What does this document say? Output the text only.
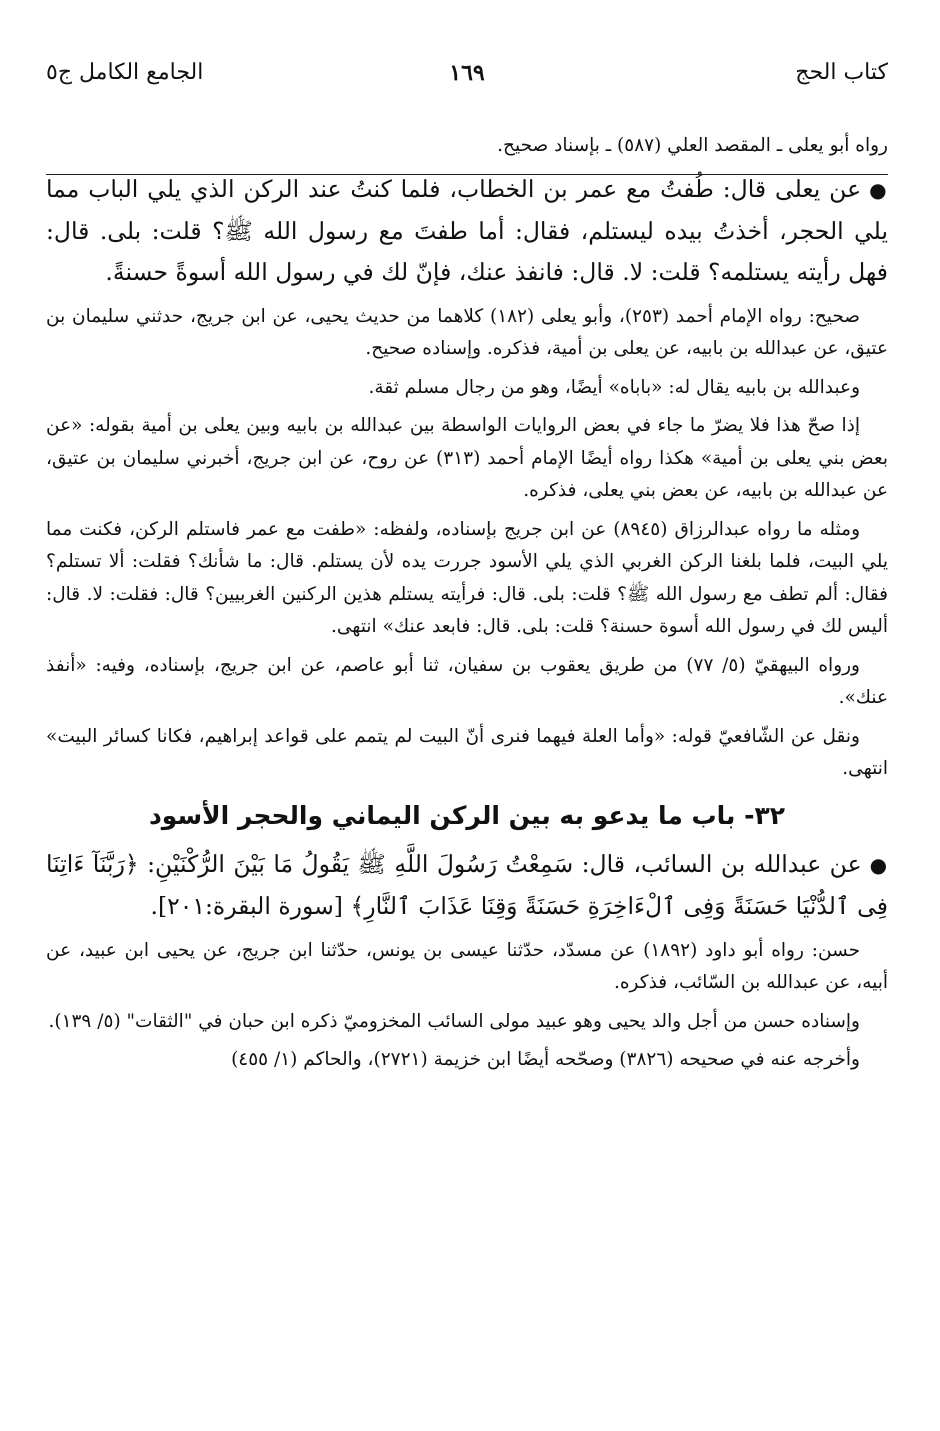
كتاب الحج
١٦٩
الجامع الكامل ج٥

رواه أبو يعلى ـ المقصد العلي (٥٨٧) ـ بإسناد صحيح.

●عن يعلى قال: طُفتُ مع عمر بن الخطاب، فلما كنتُ عند الركن الذي يلي الباب مما يلي الحجر، أخذتُ بيده ليستلم، فقال: أما طفتَ مع رسول الله ﷺ؟ قلت: بلى. قال: فهل رأيته يستلمه؟ قلت: لا. قال: فانفذ عنك، فإنّ لك في رسول الله أسوةً حسنةً.

صحيح: رواه الإمام أحمد (٢٥٣)، وأبو يعلى (١٨٢) كلاهما من حديث يحيى، عن ابن جريج، حدثني سليمان بن عتيق، عن عبدالله بن بابيه، عن يعلى بن أمية، فذكره. وإسناده صحيح.

وعبدالله بن بابيه يقال له: «باباه» أيضًا، وهو من رجال مسلم ثقة.

إذا صحّ هذا فلا يضرّ ما جاء في بعض الروايات الواسطة بين عبدالله بن بابيه وبين يعلى بن أمية بقوله: «عن بعض بني يعلى بن أمية» هكذا رواه أيضًا الإمام أحمد (٣١٣) عن روح، عن ابن جريج، أخبرني سليمان بن عتيق، عن عبدالله بن بابيه، عن بعض بني يعلى، فذكره.

ومثله ما رواه عبدالرزاق (٨٩٤٥) عن ابن جريج بإسناده، ولفظه: «طفت مع عمر فاستلم الركن، فكنت مما يلي البيت، فلما بلغنا الركن الغربي الذي يلي الأسود جررت يده لأن يستلم. قال: ما شأنك؟ فقلت: ألا تستلم؟ فقال: ألم تطف مع رسول الله ﷺ؟ قلت: بلى. قال: فرأيته يستلم هذين الركنين الغربيين؟ قال: فقلت: لا. قال: أليس لك في رسول الله أسوة حسنة؟ قلت: بلى. قال: فابعد عنك» انتهى.

ورواه البيهقيّ (٥/ ٧٧) من طريق يعقوب بن سفيان، ثنا أبو عاصم، عن ابن جريج، بإسناده، وفيه: «أنفذ عنك».

ونقل عن الشّافعيّ قوله: «وأما العلة فيهما فنرى أنّ البيت لم يتمم على قواعد إبراهيم، فكانا كسائر البيت» انتهى.

٣٢- باب ما يدعو به بين الركن اليماني والحجر الأسود

●عن عبدالله بن السائب، قال: سَمِعْتُ رَسُولَ اللَّهِ ﷺ يَقُولُ مَا بَيْنَ الرُّكْنَيْنِ: ﴿رَبَّنَآ ءَاتِنَا فِى ٱلدُّنْيَا حَسَنَةً وَفِى ٱلْءَاخِرَةِ حَسَنَةً وَقِنَا عَذَابَ ٱلنَّارِ﴾ [سورة البقرة:٢٠١].

حسن: رواه أبو داود (١٨٩٢) عن مسدّد، حدّثنا عيسى بن يونس، حدّثنا ابن جريج، عن يحيى ابن عبيد، عن أبيه، عن عبدالله بن السّائب، فذكره.

وإسناده حسن من أجل والد يحيى وهو عبيد مولى السائب المخزوميّ ذكره ابن حبان في "الثقات" (٥/ ١٣٩).

وأخرجه عنه في صحيحه (٣٨٢٦) وصحّحه أيضًا ابن خزيمة (٢٧٢١)، والحاكم (١/ ٤٥٥)
